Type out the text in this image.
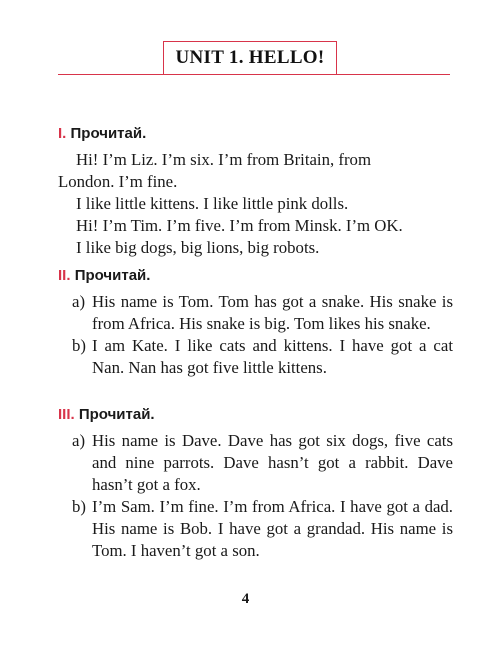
UNIT 1. HELLO!
I. Прочитай.

Hi! I’m Liz. I’m six. I’m from Britain, from

London. I’m fine.

I like little kittens. I like little pink dolls.

Hi! I’m Tim. I’m five. I’m from Minsk. I’m OK.

I like big dogs, big lions, big robots.

II. Прочитай.
a) His name is Tom. Tom has got a snake. His snake is from Africa. His snake is big. Tom likes his snake.
b) I am Kate. I like cats and kittens. I have got a cat Nan. Nan has got five little kittens.
III. Прочитай.
a) His name is Dave. Dave has got six dogs, five cats and nine parrots. Dave hasn’t got a rabbit. Dave hasn’t got a fox.
b) I’m Sam. I’m fine. I’m from Africa. I have got a dad. His name is Bob. I have got a grandad. His name is Tom. I haven’t got a son.
4
